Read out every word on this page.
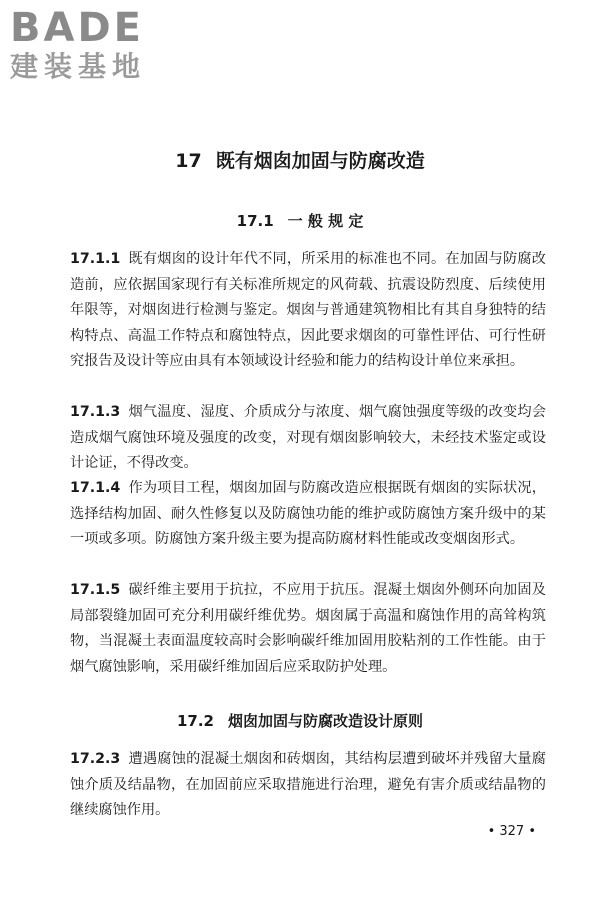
BADE
建装基地
17 既有烟囱加固与防腐改造
17.1 一 般 规 定

17.1.1 既有烟囱的设计年代不同，所采用的标准也不同。在加固与防腐改造前，应依据国家现行有关标准所规定的风荷载、抗震设防烈度、后续使用年限等，对烟囱进行检测与鉴定。烟囱与普通建筑物相比有其自身独特的结构特点、高温工作特点和腐蚀特点，因此要求烟囱的可靠性评估、可行性研究报告及设计等应由具有本领域设计经验和能力的结构设计单位来承担。

17.1.3 烟气温度、湿度、介质成分与浓度、烟气腐蚀强度等级的改变均会造成烟气腐蚀环境及强度的改变，对现有烟囱影响较大，未经技术鉴定或设计论证，不得改变。

17.1.4 作为项目工程，烟囱加固与防腐改造应根据既有烟囱的实际状况，选择结构加固、耐久性修复以及防腐蚀功能的维护或防腐蚀方案升级中的某一项或多项。防腐蚀方案升级主要为提高防腐材料性能或改变烟囱形式。

17.1.5 碳纤维主要用于抗拉，不应用于抗压。混凝土烟囱外侧环向加固及局部裂缝加固可充分利用碳纤维优势。烟囱属于高温和腐蚀作用的高耸构筑物，当混凝土表面温度较高时会影响碳纤维加固用胶粘剂的工作性能。由于烟气腐蚀影响，采用碳纤维加固后应采取防护处理。

17.2 烟囱加固与防腐改造设计原则

17.2.3 遭遇腐蚀的混凝土烟囱和砖烟囱，其结构层遭到破坏并残留大量腐蚀介质及结晶物，在加固前应采取措施进行治理，避免有害介质或结晶物的继续腐蚀作用。

• 327 •
